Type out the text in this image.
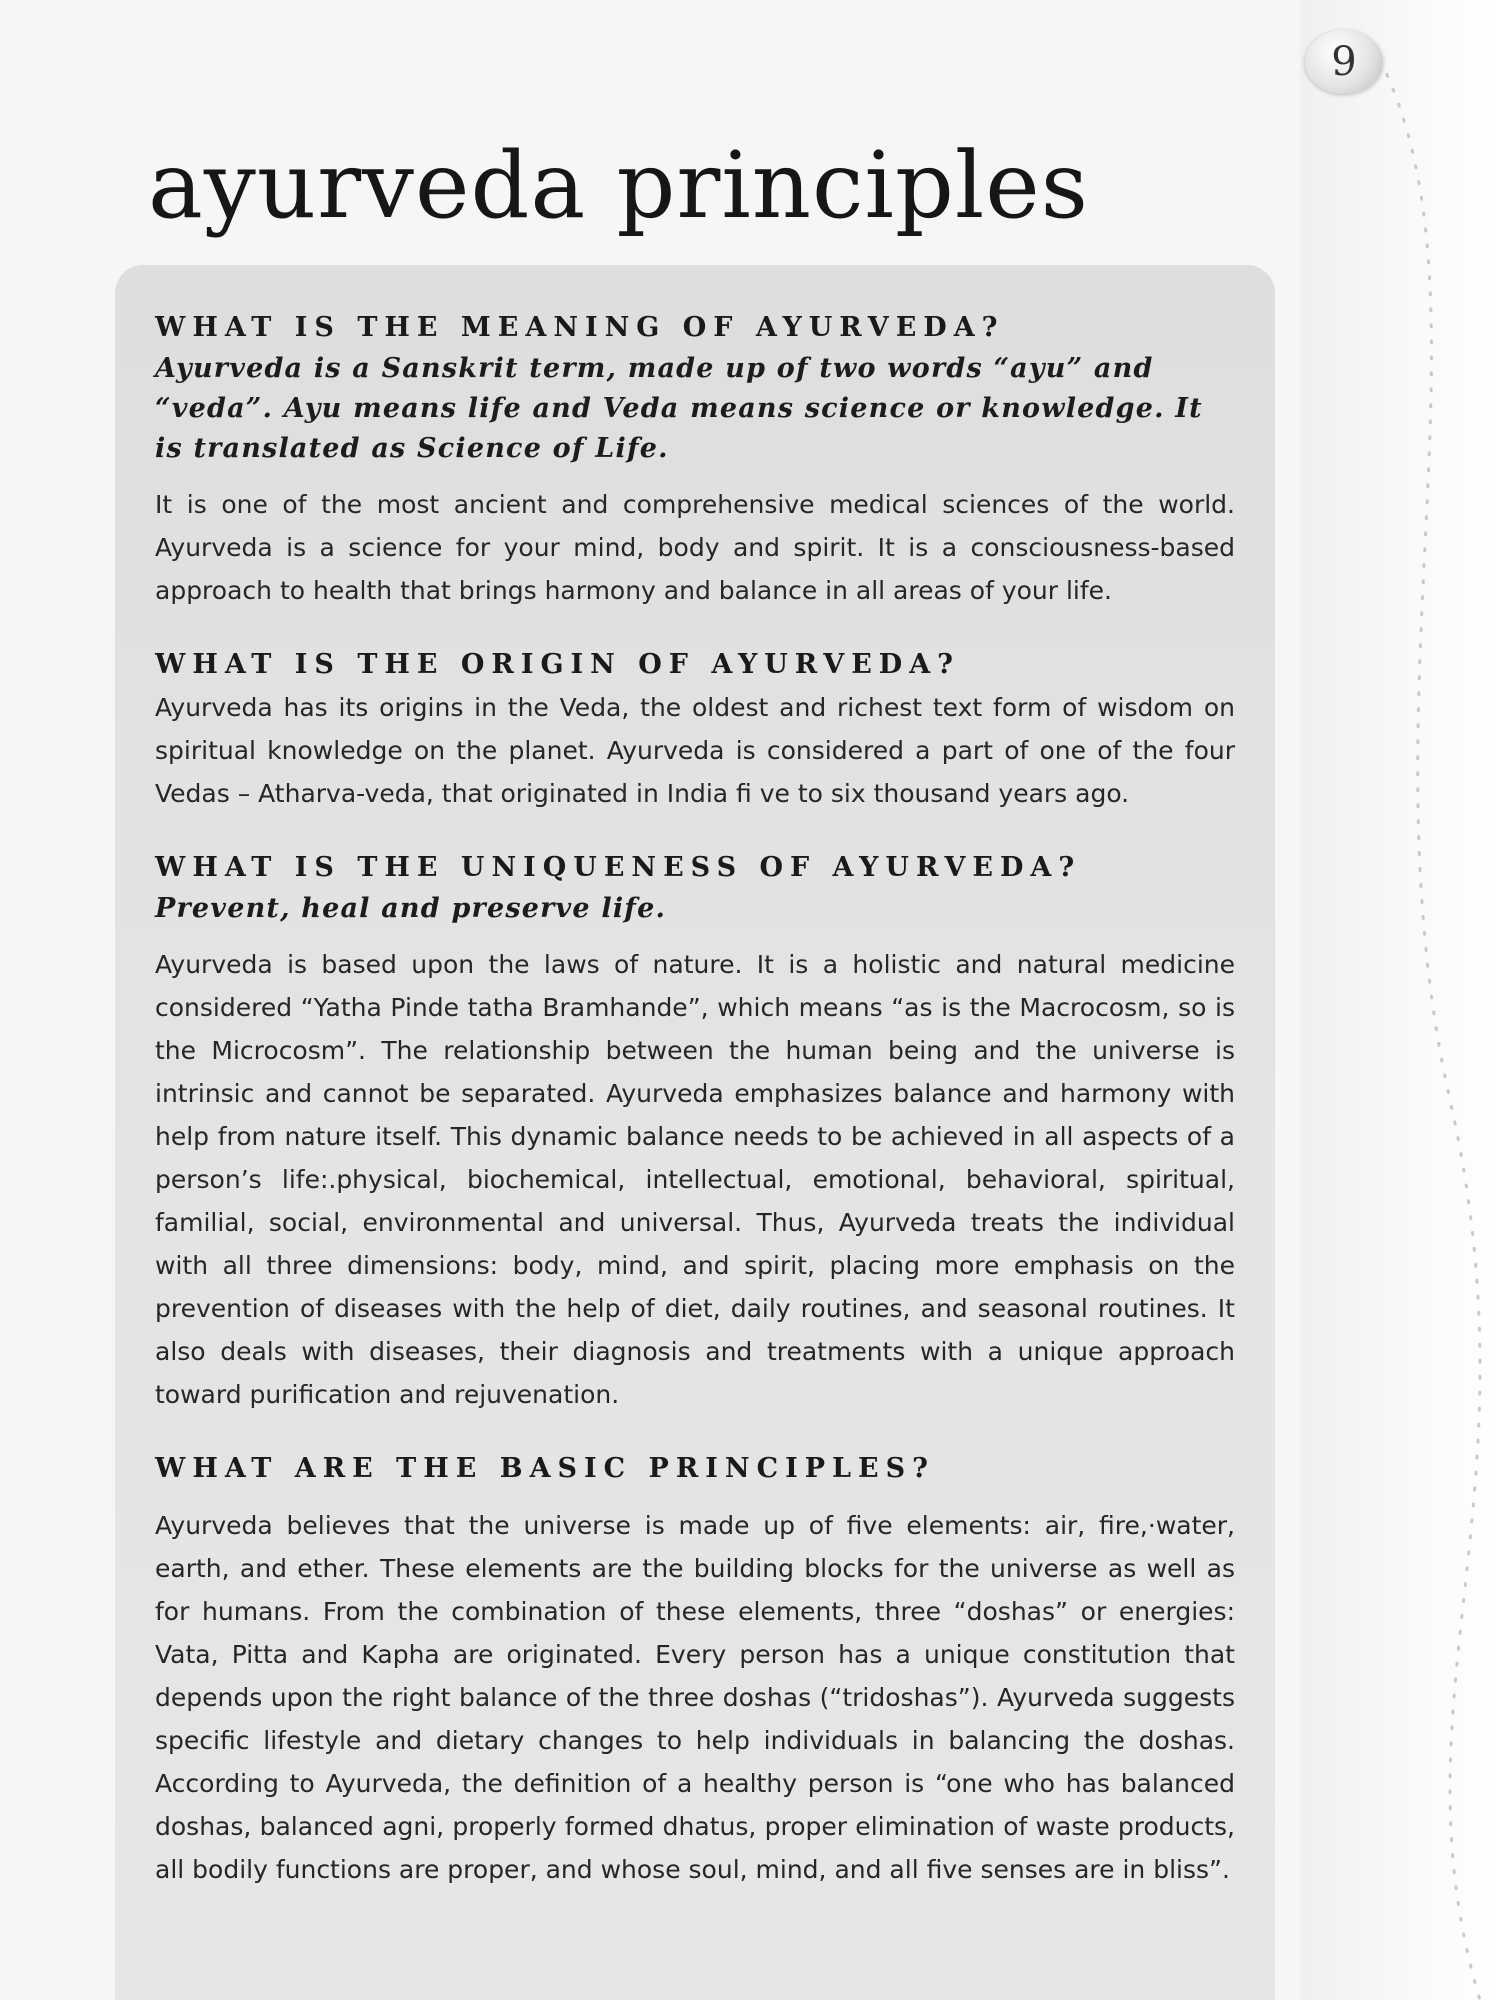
9
ayurveda principles
WHAT IS THE MEANING OF AYURVEDA?

Ayurveda is a Sanskrit term, made up of two words “ayu” and “veda”. Ayu means life and Veda means science or knowledge. It is translated as Science of Life.

It is one of the most ancient and comprehensive medical sciences of the world. Ayurveda is a science for your mind, body and spirit. It is a consciousness-based approach to health that brings harmony and balance in all areas of your life.

WHAT IS THE ORIGIN OF AYURVEDA?

Ayurveda has its origins in the Veda, the oldest and richest text form of wisdom on spiritual knowledge on the planet. Ayurveda is considered a part of one of the four Vedas – Atharva-veda, that originated in India fi ve to six thousand years ago.

WHAT IS THE UNIQUENESS OF AYURVEDA?

Prevent, heal and preserve life.

Ayurveda is based upon the laws of nature. It is a holistic and natural medicine considered “Yatha Pinde tatha Bramhande”, which means “as is the Macrocosm, so is the Microcosm”. The relationship between the human being and the universe is intrinsic and cannot be separated. Ayurveda emphasizes balance and harmony with help from nature itself. This dynamic balance needs to be achieved in all aspects of a person’s life:.physical, biochemical, intellectual, emotional, behavioral, spiritual, familial, social, environmental and universal. Thus, Ayurveda treats the individual with all three dimensions: body, mind, and spirit, placing more emphasis on the prevention of diseases with the help of diet, daily routines, and seasonal routines. It also deals with diseases, their diagnosis and treatments with a unique approach toward purification and rejuvenation.

WHAT ARE THE BASIC PRINCIPLES?

Ayurveda believes that the universe is made up of five elements: air, fire,·water, earth, and ether. These elements are the building blocks for the universe as well as for humans. From the combination of these elements, three “doshas” or energies: Vata, Pitta and Kapha are originated. Every person has a unique constitution that depends upon the right balance of the three doshas (“tridoshas”). Ayurveda suggests specific lifestyle and dietary changes to help individuals in balancing the doshas. According to Ayurveda, the definition of a healthy person is “one who has balanced doshas, balanced agni, properly formed dhatus, proper elimination of waste products, all bodily functions are proper, and whose soul, mind, and all five senses are in bliss”.
